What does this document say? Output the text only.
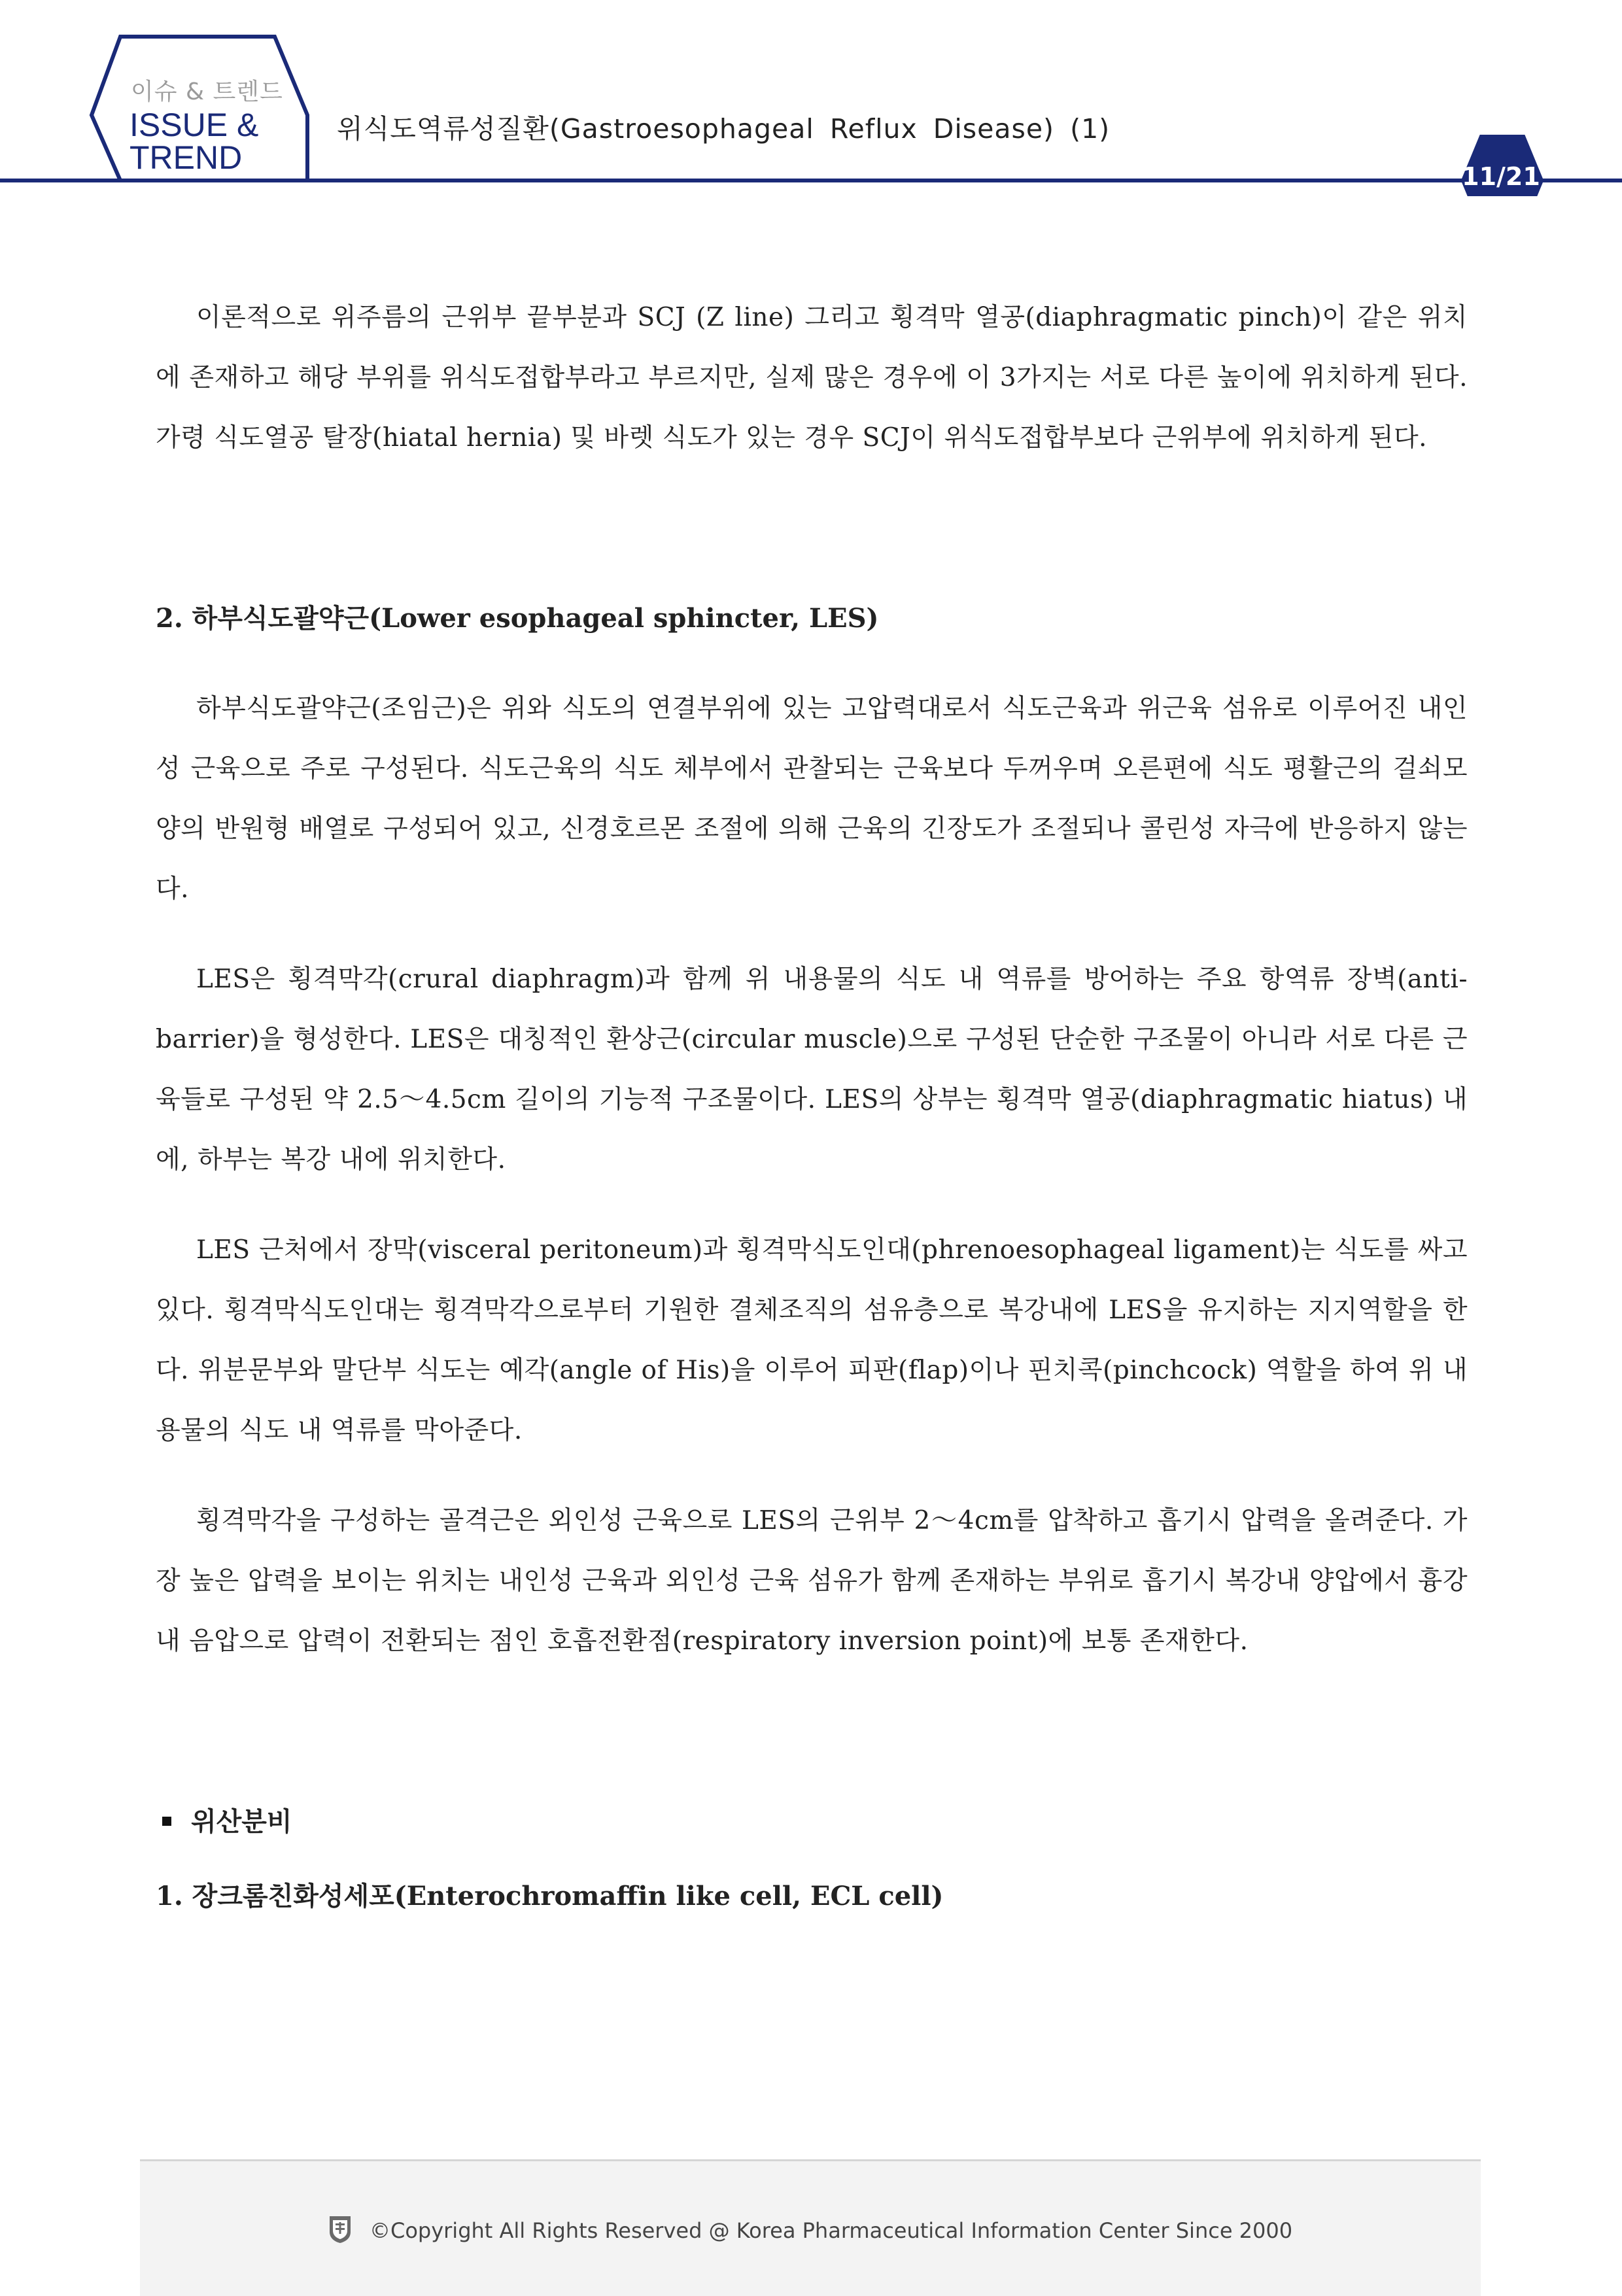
이슈 & 트렌드
ISSUE &
TREND
위식도역류성질환(Gastroesophageal Reflux Disease) (1)
11/21

이론적으로 위주름의 근위부 끝부분과 SCJ (Z line) 그리고 횡격막 열공(diaphragmatic pinch)이 같은 위치에 존재하고 해당 부위를 위식도접합부라고 부르지만, 실제 많은 경우에 이 3가지는 서로 다른 높이에 위치하게 된다. 가령 식도열공 탈장(hiatal hernia) 및 바렛 식도가 있는 경우 SCJ이 위식도접합부보다 근위부에 위치하게 된다.

2. 하부식도괄약근(Lower esophageal sphincter, LES)

하부식도괄약근(조임근)은 위와 식도의 연결부위에 있는 고압력대로서 식도근육과 위근육 섬유로 이루어진 내인성 근육으로 주로 구성된다. 식도근육의 식도 체부에서 관찰되는 근육보다 두꺼우며 오른편에 식도 평활근의 걸쇠모양의 반원형 배열로 구성되어 있고, 신경호르몬 조절에 의해 근육의 긴장도가 조절되나 콜린성 자극에 반응하지 않는다.

LES은 횡격막각(crural diaphragm)과 함께 위 내용물의 식도 내 역류를 방어하는 주요 항역류 장벽(anti-barrier)을 형성한다. LES은 대칭적인 환상근(circular muscle)으로 구성된 단순한 구조물이 아니라 서로 다른 근육들로 구성된 약 2.5～4.5cm 길이의 기능적 구조물이다. LES의 상부는 횡격막 열공(diaphragmatic hiatus) 내에, 하부는 복강 내에 위치한다.

LES 근처에서 장막(visceral peritoneum)과 횡격막식도인대(phrenoesophageal ligament)는 식도를 싸고 있다. 횡격막식도인대는 횡격막각으로부터 기원한 결체조직의 섬유층으로 복강내에 LES을 유지하는 지지역할을 한다. 위분문부와 말단부 식도는 예각(angle of His)을 이루어 피판(flap)이나 핀치콕(pinchcock) 역할을 하여 위 내용물의 식도 내 역류를 막아준다.

횡격막각을 구성하는 골격근은 외인성 근육으로 LES의 근위부 2～4cm를 압착하고 흡기시 압력을 올려준다. 가장 높은 압력을 보이는 위치는 내인성 근육과 외인성 근육 섬유가 함께 존재하는 부위로 흡기시 복강내 양압에서 흉강내 음압으로 압력이 전환되는 점인 호흡전환점(respiratory inversion point)에 보통 존재한다.

위산분비

1. 장크롬친화성세포(Enterochromaffin like cell, ECL cell)

©Copyright All Rights Reserved @ Korea Pharmaceutical Information Center Since 2000
